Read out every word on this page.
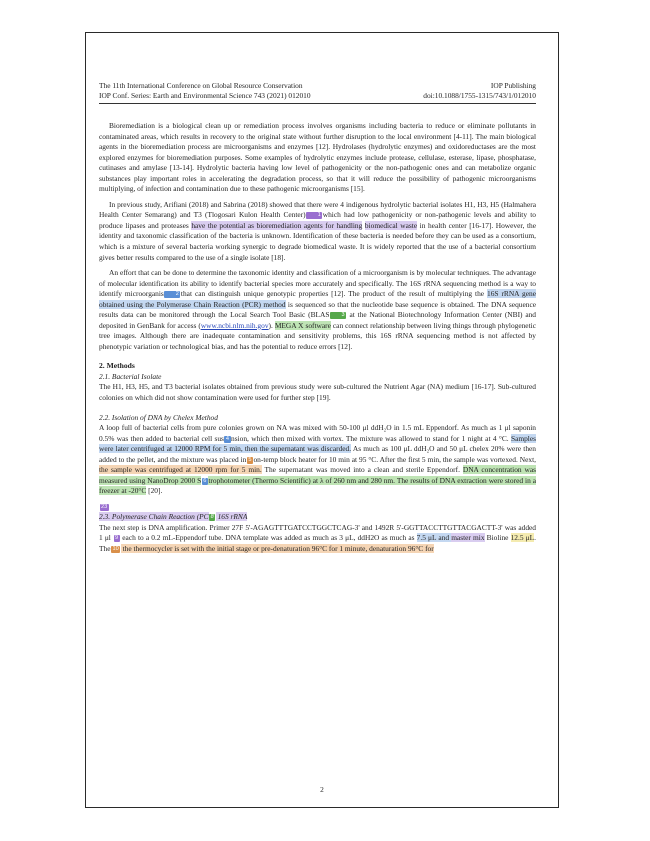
The 11th International Conference on Global Resource Conservation	IOP Publishing
IOP Conf. Series: Earth and Environmental Science 743 (2021) 012010	doi:10.1088/1755-1315/743/1/012010

Bioremediation is a biological clean up or remediation process involves organisms including bacteria to reduce or eliminate pollutants in contaminated areas, which results in recovery to the original state without further disruption to the local environment [4-11]. The main biological agents in the bioremediation process are microorganisms and enzymes [12]. Hydrolases (hydrolytic enzymes) and oxidoreductases are the most explored enzymes for bioremediation purposes. Some examples of hydrolytic enzymes include protease, cellulase, esterase, lipase, phosphatase, cutinases and amylase [13-14]. Hydrolytic bacteria having low level of pathogenicity or the non-pathogenic ones and can metabolize organic substances play important roles in accelerating the degradation process, so that it will reduce the possibility of pathogenic microorganisms multiplying, of infection and contamination due to these pathogenic microorganisms [15].

In previous study, Arifiani (2018) and Sabrina (2018) showed that there were 4 indigenous hydrolytic bacterial isolates H1, H3, H5 (Halmahera Health Center Semarang) and T3 (Tlogosari Kulon Health Center) 1 which had low pathogenicity or non-pathogenic levels and ability to produce lipases and proteases have the potential as bioremediation agents for handling biomedical waste in health center [16-17]. However, the identity and taxonomic classification of the bacteria is unknown. Identification of these bacteria is needed before they can be used as a consortium, which is a mixture of several bacteria working synergic to degrade biomedical waste. It is widely reported that the use of a bacterial consortium gives better results compared to the use of a single isolate [18].

An effort that can be done to determine the taxonomic identity and classification of a microorganism is by molecular techniques. The advantage of molecular identification its ability to identify bacterial species more accurately and specifically. The 16S rRNA sequencing method is a way to identify microorganis 2 that can distinguish unique genotypic properties [12]. The product of the result of multiplying the 16S rRNA gene obtained using the Polymerase Chain Reaction (PCR) method is sequenced so that the nucleotide base sequence is obtained. The DNA sequence results data can be monitored through the Local Search Tool Basic (BLAS 3 at the National Biotechnology Information Center (NBI) and deposited in GenBank for access (www.ncbi.nlm.nih.gov). MEGA X software can connect relationship between living things through phylogenetic tree images. Although there are inadequate contamination and sensitivity problems, this 16S rRNA sequencing method is not affected by phenotypic variation or technological bias, and has the potential to reduce errors [12].

2. Methods
2.1. Bacterial Isolate

The H1, H3, H5, and T3 bacterial isolates obtained from previous study were sub-cultured the Nutrient Agar (NA) medium [16-17]. Sub-cultured colonies on which did not show contamination were used for further step [19].

2.2. Isolation of DNA by Chelex Method

A loop full of bacterial cells from pure colonies grown on NA was mixed with 50-100 μl ddH₂O in 1.5 mL Eppendorf. As much as 1 μl saponin 0.5% was then added to bacterial cell sus 4 nsion, which then mixed with vortex. The mixture was allowed to stand for 1 night at 4 °C. Samples were later centrifuged at 12000 RPM for 5 min, then the supernatant was discarded. As much as 100 μL ddH₂O and 50 μL chelex 20% were then added to the pellet, and the mixture was placed in 5 on-temp block heater for 10 min at 95 °C. After the first 5 min, the sample was vortexed. Next, the sample was centrifuged at 12000 rpm for 5 min. The supernatant was moved into a clean and sterile Eppendorf. DNA concentration was measured using NanoDrop 2000 S 6 trophotometer (Thermo Scientific) at λ of 260 nm and 280 nm. The results of DNA extraction were stored in a freezer at -20°C [20].

23
2.3. Polymerase Chain Reaction (PC 8 16S rRNA

The next step is DNA amplification. Primer 27F 5'-AGAGTTTGATCCTGGCTCAG-3' and 1492R 5'-GGTTACCTTGTTACGACTT-3' was added 1 μl 9 each to a 0.2 mL-Eppendorf tube. DNA template was added as much as 3 μL, ddH2O as much as 7.5 μL and master mix Bioline 12.5 μL. The 10 the thermocycler is set with the initial stage or pre-denaturation 96°C for 1 minute, denaturation 96°C for

2
